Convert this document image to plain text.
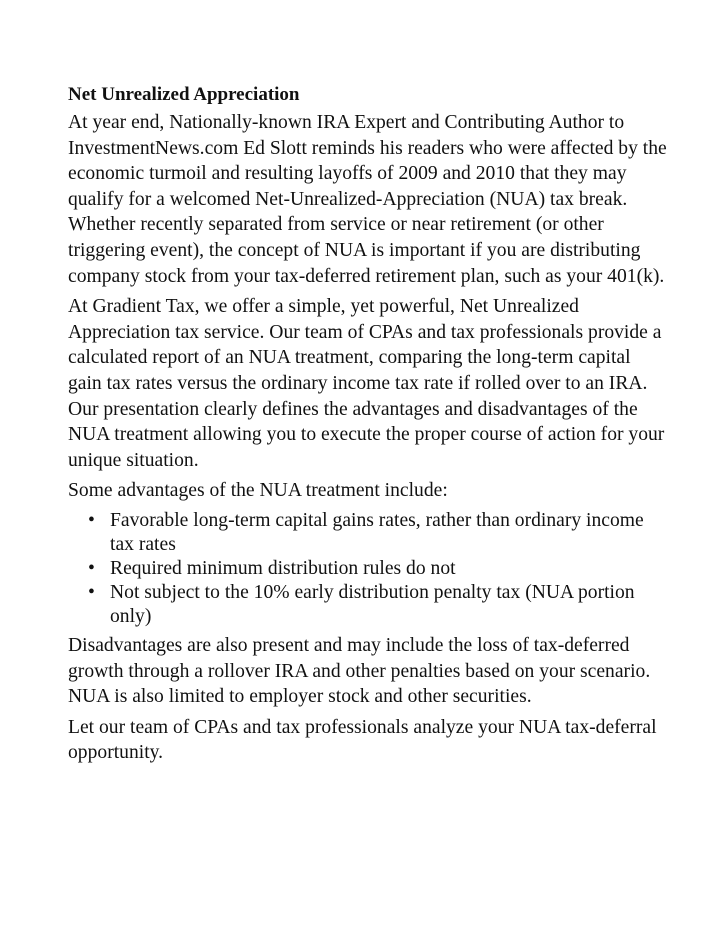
Net Unrealized Appreciation

At year end, Nationally-known IRA Expert and Contributing Author to InvestmentNews.com Ed Slott reminds his readers who were affected by the economic turmoil and resulting layoffs of 2009 and 2010 that they may qualify for a welcomed Net-Unrealized-Appreciation (NUA) tax break. Whether recently separated from service or near retirement (or other triggering event), the concept of NUA is important if you are distributing company stock from your tax-deferred retirement plan, such as your 401(k).

At Gradient Tax, we offer a simple, yet powerful, Net Unrealized Appreciation tax service. Our team of CPAs and tax professionals provide a calculated report of an NUA treatment, comparing the long-term capital gain tax rates versus the ordinary income tax rate if rolled over to an IRA. Our presentation clearly defines the advantages and disadvantages of the NUA treatment allowing you to execute the proper course of action for your unique situation.

Some advantages of the NUA treatment include:

• Favorable long-term capital gains rates, rather than ordinary income tax rates
• Required minimum distribution rules do not
• Not subject to the 10% early distribution penalty tax (NUA portion only)

Disadvantages are also present and may include the loss of tax-deferred growth through a rollover IRA and other penalties based on your scenario. NUA is also limited to employer stock and other securities.

Let our team of CPAs and tax professionals analyze your NUA tax-deferral opportunity.
